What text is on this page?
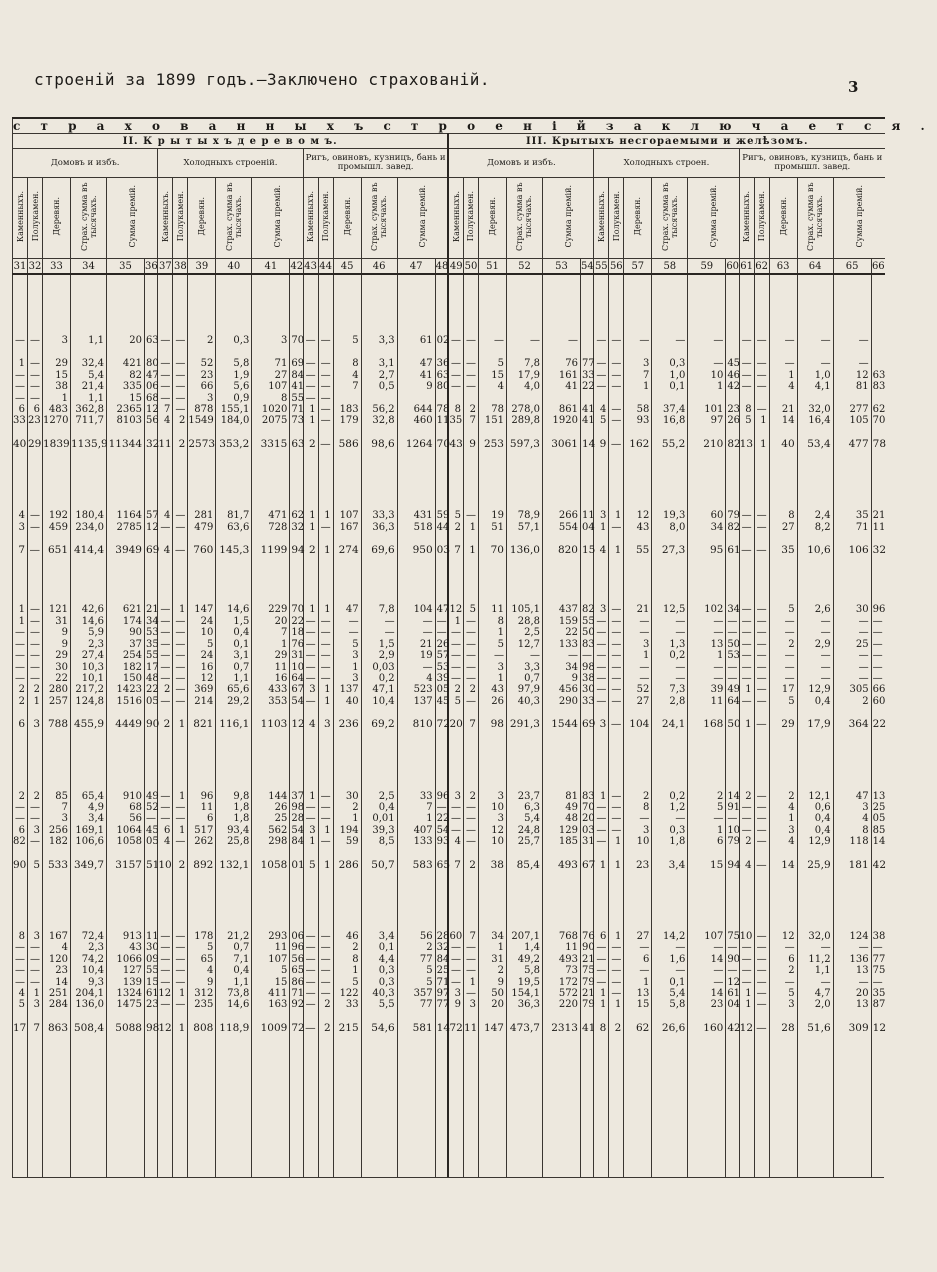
строеній за 1899 годъ.—Заключено страхованій.	3
с т р а х о в а н н ы х ъ с т р о е н і й з а к л ю ч а е т с я .																																			
II. К р ы т ы х ъ д е р е в о м ъ.																		III. Крытыхъ несгораемыми и желѣзомъ.																	
Домовъ и избъ.						Холодныхъ строеній.						Ригъ, овиновъ, кузницъ, бань и промышл. завед.						Домовъ и избъ.						Холодныхъ строен.						Ригъ, овиновъ, кузницъ, бань и промышл. завед.					
Каменныхъ.	Полукамен.	Деревян.	Страх. сумма въ тысячахъ.	Сумма премій.		Каменныхъ.	Полукамен.	Деревян.	Страх. сумма въ тысячахъ.	Сумма премій.		Каменныхъ.	Полукамен.	Деревян.	Страх. сумма въ тысячахъ.	Сумма премій.		Каменныхъ.	Полукамен.	Деревян.	Страх. сумма въ тысячахъ.	Сумма премій.		Каменныхъ.	Полукамен.	Деревян.	Страх. сумма въ тысячахъ.	Сумма премій.		Каменныхъ.	Полукамен.	Деревян.	Страх. сумма въ тысячахъ.	Сумма премій.	
31	32	33	34	35	36	37	38	39	40	41	42	43	44	45	46	47	48	49	50	51	52	53	54	55	56	57	58	59	60	61	62	63	64	65	66

—	—	3	1,1	20	63	—	—	2	0,3	3	70	—	—	5	3,3	61	02	—	—	—	—	—		—	—	—	—	—		—	—	—	—	—	

1	—	29	32,4	421	80	—	—	52	5,8	71	69	—	—	8	3,1	47	36	—	—	5	7,8	76	77	—	—	3	0,3	—	45	—	—	—	—	—	
—	—	15	5,4	82	47	—	—	23	1,9	27	84	—	—	4	2,7	41	63	—	—	15	17,9	161	33	—	—	7	1,0	10	46	—	—	1	1,0	12	63
—	—	38	21,4	335	06	—	—	66	5,6	107	41	—	—	7	0,5	9	80	—	—	4	4,0	41	22	—	—	1	0,1	1	42	—	—	4	4,1	81	83
—	—	1	1,1	15	68	—	—	3	0,9	8	55	—	—																						
6	6	483	362,8	2365	12	7	—	878	155,1	1020	71	1	—	183	56,2	644	78	8	2	78	278,0	861	41	4	—	58	37,4	101	23	8	—	21	32,0	277	62
33	23	1270	711,7	8103	56	4	2	1549	184,0	2075	73	1	—	179	32,8	460	11	35	7	151	289,8	1920	41	5	—	93	16,8	97	26	5	1	14	16,4	105	70

40	29	1839	1135,9	11344	32	11	2	2573	353,2	3315	63	2	—	586	98,6	1264	70	43	9	253	597,3	3061	14	9	—	162	55,2	210	82	13	1	40	53,4	477	78

4	—	192	180,4	1164	57	4	—	281	81,7	471	62	1	1	107	33,3	431	59	5	—	19	78,9	266	11	3	1	12	19,3	60	79	—	—	8	2,4	35	21
3	—	459	234,0	2785	12	—	—	479	63,6	728	32	1	—	167	36,3	518	44	2	1	51	57,1	554	04	1	—	43	8,0	34	82	—	—	27	8,2	71	11

7	—	651	414,4	3949	69	4	—	760	145,3	1199	94	2	1	274	69,6	950	03	7	1	70	136,0	820	15	4	1	55	27,3	95	61	—	—	35	10,6	106	32

1	—	121	42,6	621	21	—	1	147	14,6	229	70	1	1	47	7,8	104	47	12	5	11	105,1	437	82	3	—	21	12,5	102	34	—	—	5	2,6	30	96
1	—	31	14,6	174	34	—	—	24	1,5	20	22	—	—	—	—	—	—	1	—	8	28,8	159	55	—	—	—	—	—	—	—	—	—	—	—	—
—	—	9	5,9	90	53	—	—	10	0,4	7	18	—	—	—	—	—	—	—	—	1	2,5	22	50	—	—	—	—	—	—	—	—	—	—	—	—
—	—	9	2,3	37	35	—	—	5	0,1	1	76	—	—	5	1,5	21	26	—	—	5	12,7	133	83	—	—	3	1,3	13	50	—	—	2	2,9	25	—
—	—	29	27,4	254	55	—	—	24	3,1	29	31	—	—	3	2,9	19	57	—	—	—	—	—	—	—	—	1	0,2	1	53	—	—	—	—	—	—
—	—	30	10,3	182	17	—	—	16	0,7	11	10	—	—	1	0,03	—	53	—	—	3	3,3	34	98	—	—	—	—	—	—	—	—	—	—	—	—
—	—	22	10,1	150	48	—	—	12	1,1	16	64	—	—	3	0,2	4	39	—	—	1	0,7	9	38	—	—	—	—	—	—	—	—	—	—	—	—
2	2	280	217,2	1423	22	2	—	369	65,6	433	67	3	1	137	47,1	523	05	2	2	43	97,9	456	30	—	—	52	7,3	39	49	1	—	17	12,9	305	66
2	1	257	124,8	1516	05	—	—	214	29,2	353	54	—	1	40	10,4	137	45	5	—	26	40,3	290	33	—	—	27	2,8	11	64	—	—	5	0,4	2	60

6	3	788	455,9	4449	90	2	1	821	116,1	1103	12	4	3	236	69,2	810	72	20	7	98	291,3	1544	69	3	—	104	24,1	168	50	1	—	29	17,9	364	22

2	2	85	65,4	910	49	—	1	96	9,8	144	37	1	—	30	2,5	33	96	3	2	3	23,7	81	83	1	—	2	0,2	2	14	2	—	2	12,1	47	13
—	—	7	4,9	68	52	—	—	11	1,8	26	98	—	—	2	0,4	7	—	—	—	10	6,3	49	70	—	—	8	1,2	5	91	—	—	4	0,6	3	25
—	—	3	3,4	56	—	—	—	6	1,8	25	28	—	—	1	0,01	1	22	—	—	3	5,4	48	20	—	—	—	—	—	—	—	—	1	0,4	4	05
6	3	256	169,1	1064	45	6	1	517	93,4	562	54	3	1	194	39,3	407	54	—	—	12	24,8	129	03	—	—	3	0,3	1	10	—	—	3	0,4	8	85
82	—	182	106,6	1058	05	4	—	262	25,8	298	84	1	—	59	8,5	133	93	4	—	10	25,7	185	31	—	1	10	1,8	6	79	2	—	4	12,9	118	14

90	5	533	349,7	3157	51	10	2	892	132,1	1058	01	5	1	286	50,7	583	65	7	2	38	85,4	493	67	1	1	23	3,4	15	94	4	—	14	25,9	181	42

8	3	167	72,4	913	11	—	—	178	21,2	293	06	—	—	46	3,4	56	28	60	7	34	207,1	768	76	6	1	27	14,2	107	75	10	—	12	32,0	124	38
—	—	4	2,3	43	30	—	—	5	0,7	11	96	—	—	2	0,1	2	32	—	—	1	1,4	11	90	—	—	—	—	—	—	—	—	—	—	—	—
—	—	120	74,2	1066	09	—	—	65	7,1	107	56	—	—	8	4,4	77	84	—	—	31	49,2	493	21	—	—	6	1,6	14	90	—	—	6	11,2	136	77
—	—	23	10,4	127	55	—	—	4	0,4	5	65	—	—	1	0,3	5	25	—	—	2	5,8	73	75	—	—	—	—	—	—	—	—	2	1,1	13	75
—	—	14	9,3	139	15	—	—	9	1,1	15	86	—	—	5	0,3	5	71	—	1	9	19,5	172	79	—	—	1	0,1	—	12	—	—	—	—	—	—
4	1	251	204,1	1324	61	12	1	312	73,8	411	71	—	—	122	40,3	357	97	3	—	50	154,1	572	21	1	—	13	5,4	14	61	1	—	5	4,7	20	35
5	3	284	136,0	1475	23	—	—	235	14,6	163	92	—	2	33	5,5	77	77	9	3	20	36,3	220	79	1	1	15	5,8	23	04	1	—	3	2,0	13	87

17	7	863	508,4	5088	98	12	1	808	118,9	1009	72	—	2	215	54,6	581	14	72	11	147	473,7	2313	41	8	2	62	26,6	160	42	12	—	28	51,6	309	12
